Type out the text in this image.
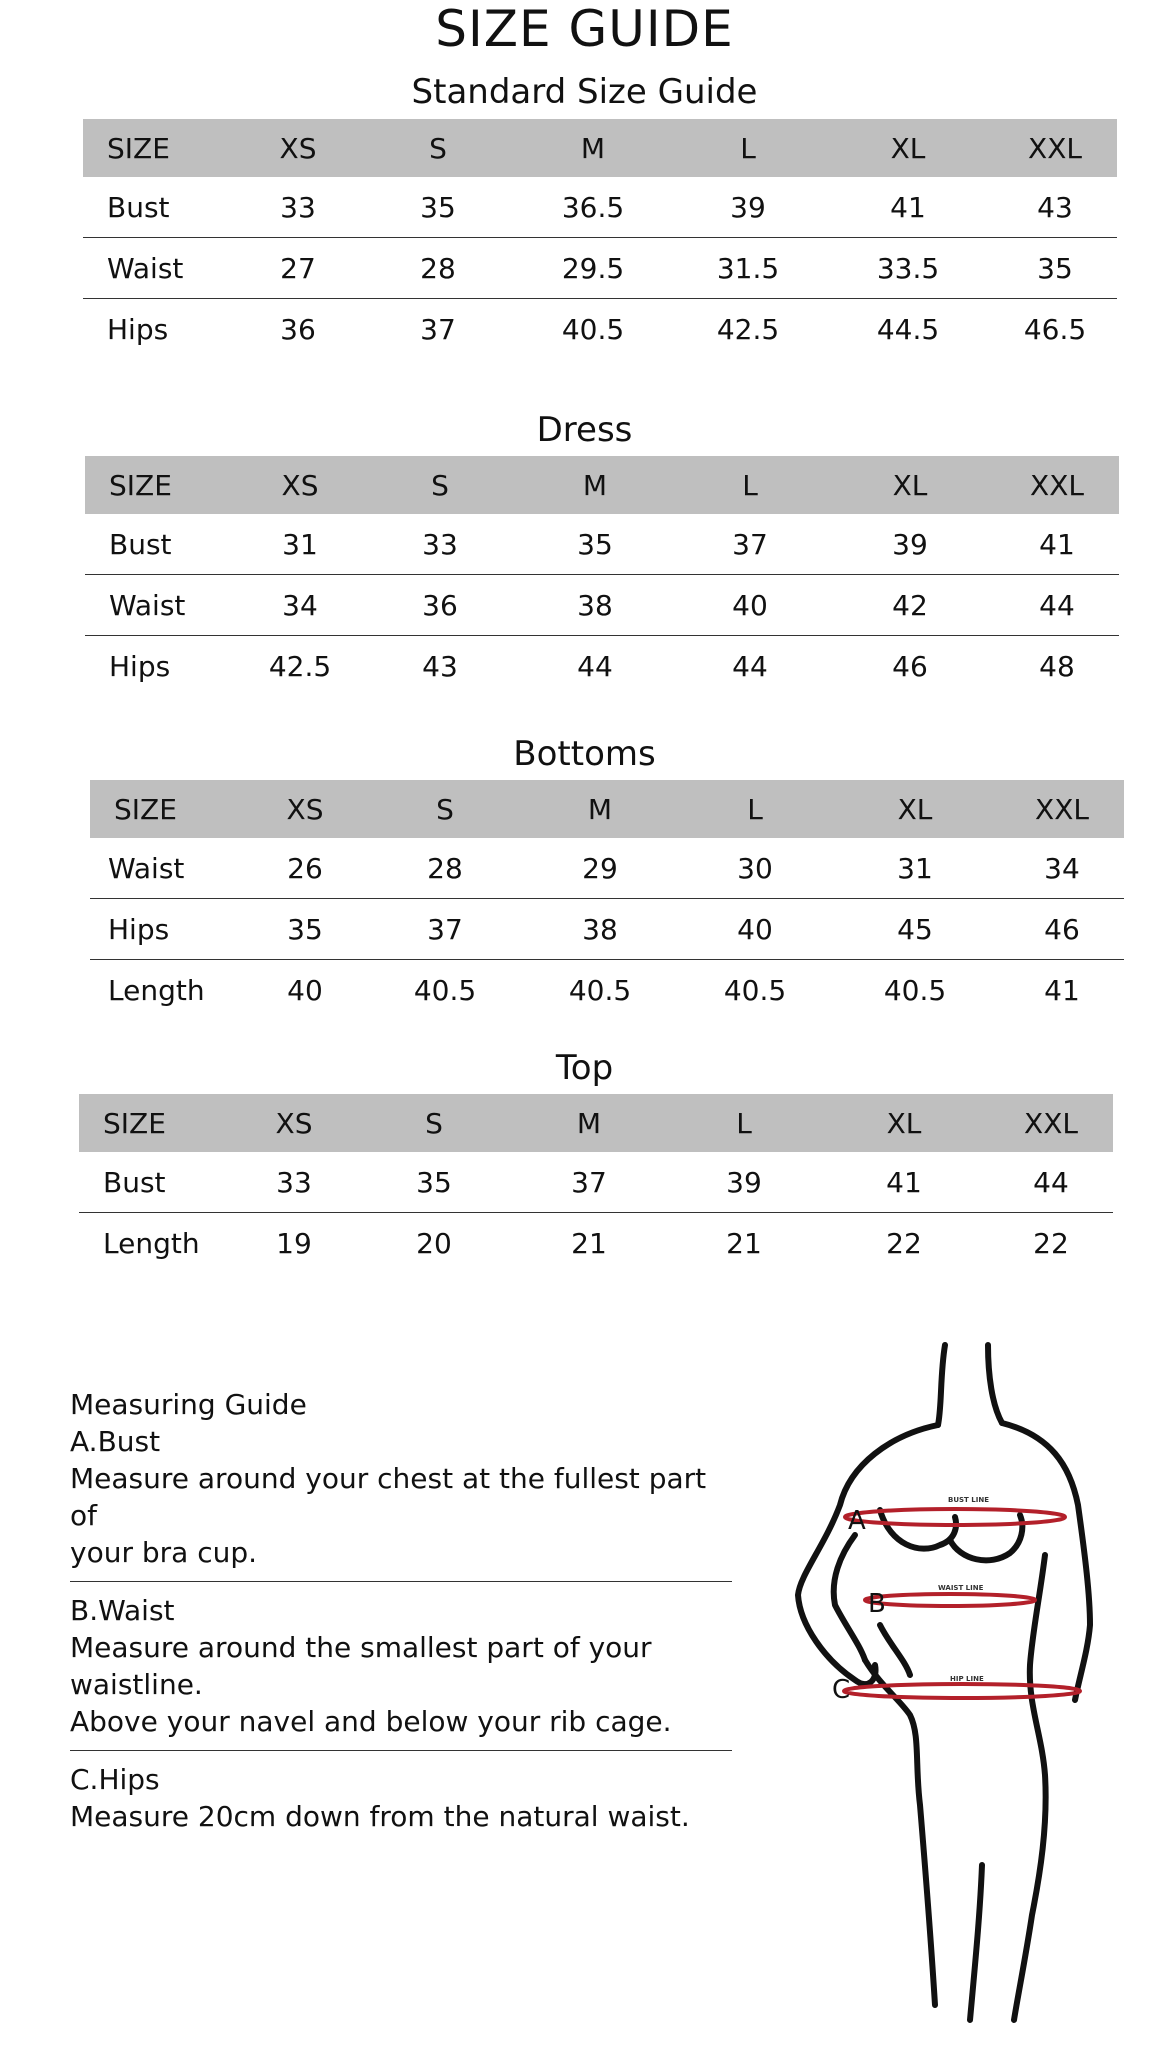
SIZE GUIDE
Standard Size Guide
SIZE	XS	S	M	L	XL	XXL
Bust	33	35	36.5	39	41	43
Waist	27	28	29.5	31.5	33.5	35
Hips	36	37	40.5	42.5	44.5	46.5
Dress
SIZE	XS	S	M	L	XL	XXL
Bust	31	33	35	37	39	41
Waist	34	36	38	40	42	44
Hips	42.5	43	44	44	46	48
Bottoms
SIZE	XS	S	M	L	XL	XXL
Waist	26	28	29	30	31	34
Hips	35	37	38	40	45	46
Length	40	40.5	40.5	40.5	40.5	41
Top
SIZE	XS	S	M	L	XL	XXL
Bust	33	35	37	39	41	44
Length	19	20	21	21	22	22

Measuring Guide

A.Bust

Measure around your chest at the fullest part of

your bra cup.

B.Waist

Measure around the smallest part of your waistline.

Above your navel and below your rib cage.

C.Hips

Measure 20cm down from the natural waist.

A
B
C
BUST LINE
WAIST LINE
HIP LINE
